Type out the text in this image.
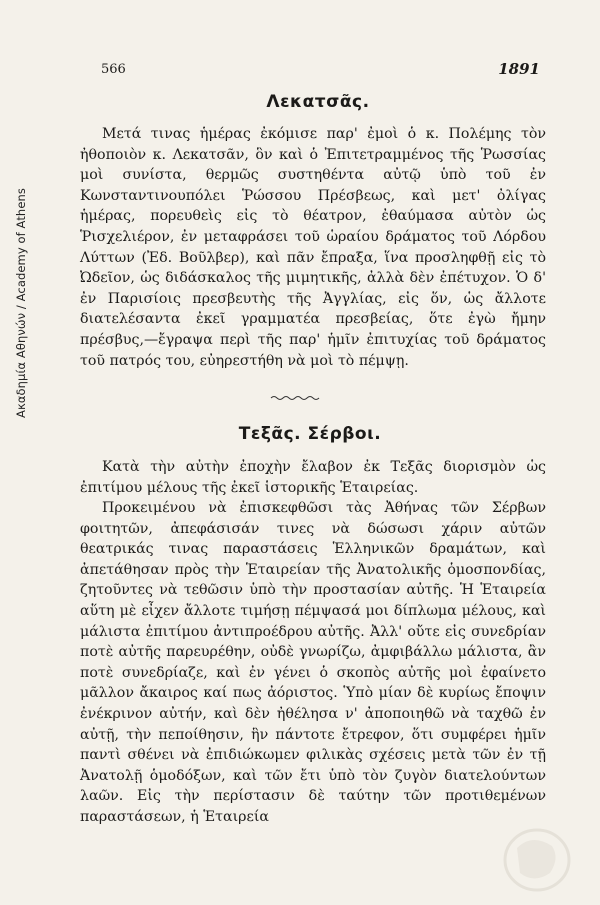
Ακαδημία Αθηνών / Academy of Athens
566	1891
Λεκατσᾶς.

Μετά τινας ἡμέρας ἐκόμισε παρ' ἐμοὶ ὁ κ. Πολέμης τὸν ἠθοποιὸν κ. Λεκατσᾶν, ὃν καὶ ὁ Ἐπιτετραμμένος τῆς Ῥωσσίας μοὶ συνίστα, θερμῶς συστηθέντα αὐτῷ ὑπὸ τοῦ ἐν Κωνσταντινουπόλει Ῥώσσου Πρέσβεως, καὶ μετ' ὀλίγας ἡμέρας, πορευθεὶς εἰς τὸ θέατρον, ἐθαύμασα αὐτὸν ὡς Ῥισχελιέρον, ἐν μεταφράσει τοῦ ὡραίου δράματος τοῦ Λόρδου Λύττων (Ἐδ. Βοῦλβερ), καὶ πᾶν ἔπραξα, ἵνα προσληφθῇ εἰς τὸ Ὠδεῖον, ὡς διδάσκαλος τῆς μιμητικῆς, ἀλλὰ δὲν ἐπέτυχον. Ὁ δ' ἐν Παρισίοις πρεσβευτὴς τῆς Ἀγγλίας, εἰς ὅν, ὡς ἄλλοτε διατελέσαντα ἐκεῖ γραμματέα πρεσβείας, ὅτε ἐγὼ ἤμην πρέσβυς,—ἔγραψα περὶ τῆς παρ' ἡμῖν ἐπιτυχίας τοῦ δράματος τοῦ πατρός του, εὐηρεστήθη νὰ μοὶ τὸ πέμψῃ.

Τεξᾶς. Σέρβοι.

Κατὰ τὴν αὐτὴν ἐποχὴν ἔλαβον ἐκ Τεξᾶς διορισμὸν ὡς ἐπιτίμου μέλους τῆς ἐκεῖ ἱστορικῆς Ἑταιρείας.

Προκειμένου νὰ ἐπισκεφθῶσι τὰς Ἀθήνας τῶν Σέρβων φοιτητῶν, ἀπεφάσισάν τινες νὰ δώσωσι χάριν αὐτῶν θεατρικάς τινας παραστάσεις Ἑλληνικῶν δραμάτων, καὶ ἀπετάθησαν πρὸς τὴν Ἑταιρείαν τῆς Ἀνατολικῆς ὁμοσπονδίας, ζητοῦντες νὰ τεθῶσιν ὑπὸ τὴν προστασίαν αὐτῆς. Ἡ Ἑταιρεία αὕτη μὲ εἶχεν ἄλλοτε τιμήσῃ πέμψασά μοι δίπλωμα μέλους, καὶ μάλιστα ἐπιτίμου ἀντιπροέδρου αὐτῆς. Ἀλλ' οὔτε εἰς συνεδρίαν ποτὲ αὐτῆς παρευρέθην, οὐδὲ γνωρίζω, ἀμφιβάλλω μάλιστα, ἂν ποτὲ συνεδρίαζε, καὶ ἐν γένει ὁ σκοπὸς αὐτῆς μοὶ ἐφαίνετο μᾶλλον ἄκαιρος καί πως ἀόριστος. Ὑπὸ μίαν δὲ κυρίως ἔποψιν ἐνέκρινον αὐτήν, καὶ δὲν ἠθέλησα ν' ἀποποιηθῶ νὰ ταχθῶ ἐν αὐτῇ, τὴν πεποίθησιν, ἣν πάντοτε ἔτρεφον, ὅτι συμφέρει ἡμῖν παντὶ σθένει νὰ ἐπιδιώκωμεν φιλικὰς σχέσεις μετὰ τῶν ἐν τῇ Ἀνατολῇ ὁμοδόξων, καὶ τῶν ἔτι ὑπὸ τὸν ζυγὸν διατελούντων λαῶν. Εἰς τὴν περίστασιν δὲ ταύτην τῶν προτιθεμένων παραστάσεων, ἡ Ἑταιρεία
